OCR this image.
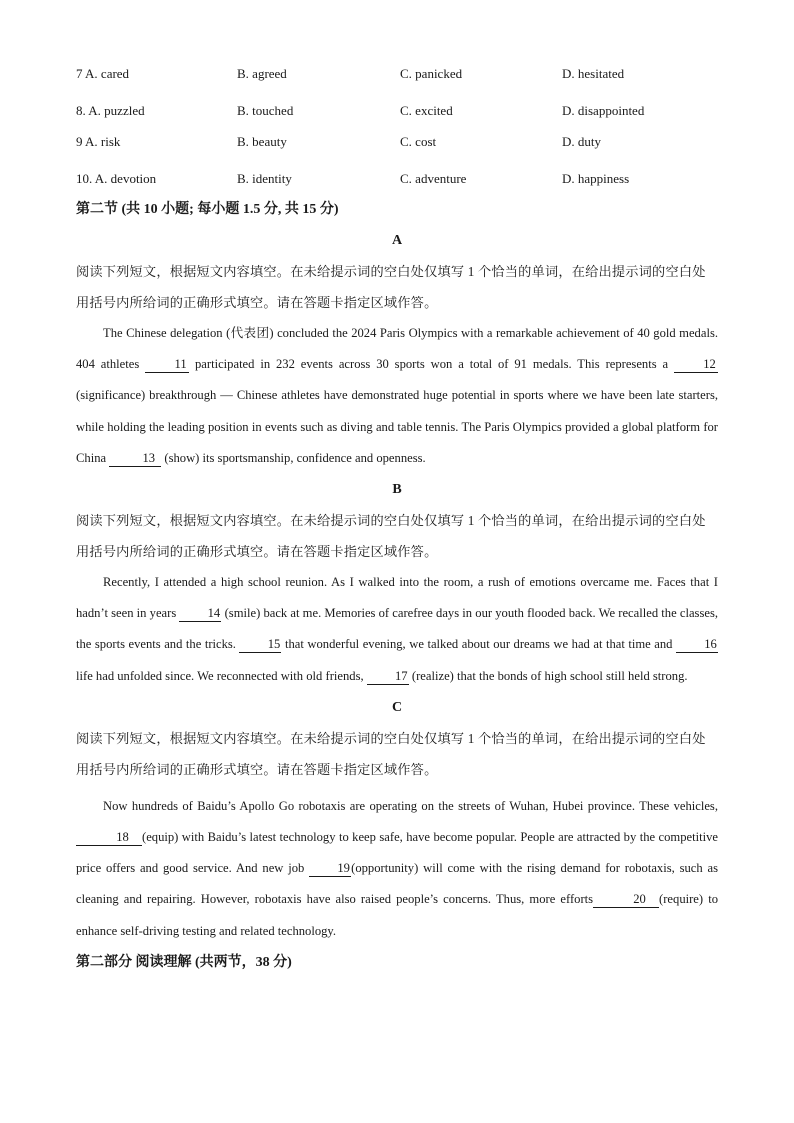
7 A. cared	B. agreed	C. panicked	D. hesitated
8. A. puzzled	B. touched	C. excited	D. disappointed
9 A. risk	B. beauty	C. cost	D. duty
10. A. devotion	B. identity	C. adventure	D. happiness
第二节 (共 10 小题; 每小题 1.5 分, 共 15 分)
A
阅读下列短文，根据短文内容填空。在未给提示词的空白处仅填写 1 个恰当的单词，在给出提示词的空白处用括号内所给词的正确形式填空。请在答题卡指定区域作答。
The Chinese delegation (代表团) concluded the 2024 Paris Olympics with a remarkable achievement of 40 gold medals. 404 athletes 11 participated in 232 events across 30 sports won a total of 91 medals. This represents a 12 (significance) breakthrough — Chinese athletes have demonstrated huge potential in sports where we have been late starters, while holding the leading position in events such as diving and table tennis. The Paris Olympics provided a global platform for China	13 (show) its sportsmanship, confidence and openness.
B
阅读下列短文，根据短文内容填空。在未给提示词的空白处仅填写 1 个恰当的单词，在给出提示词的空白处用括号内所给词的正确形式填空。请在答题卡指定区域作答。
Recently, I attended a high school reunion. As I walked into the room, a rush of emotions overcame me. Faces that I hadn’t seen in years 14 (smile) back at me. Memories of carefree days in our youth flooded back. We recalled the classes, the sports events and the tricks. 15 that wonderful evening, we talked about our dreams we had at that time and 16 life had unfolded since. We reconnected with old friends, 17 (realize) that the bonds of high school still held strong.
C
阅读下列短文，根据短文内容填空。在未给提示词的空白处仅填写 1 个恰当的单词，在给出提示词的空白处用括号内所给词的正确形式填空。请在答题卡指定区域作答。
Now hundreds of Baidu’s Apollo Go robotaxis are operating on the streets of Wuhan, Hubei province. These vehicles, 18 (equip) with Baidu’s latest technology to keep safe, have become popular. People are attracted by the competitive price offers and good service. And new job 19(opportunity) will come with the rising demand for robotaxis, such as cleaning and repairing. However, robotaxis have also raised people’s concerns. Thus, more efforts	20 (require) to enhance self-driving testing and related technology.
第二部分 阅读理解 (共两节，38 分)
